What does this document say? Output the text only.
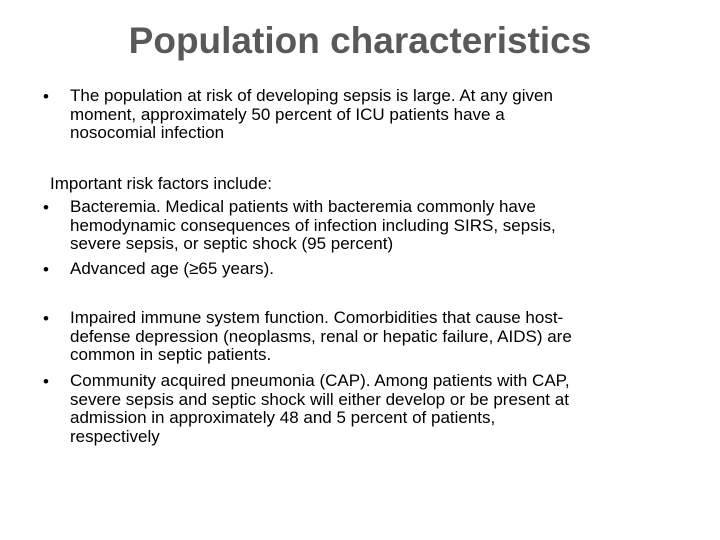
Population characteristics
• The population at risk of developing sepsis is large. At any given
moment, approximately 50 percent of ICU patients have a
nosocomial infection

Important risk factors include:
• Bacteremia. Medical patients with bacteremia commonly have
hemodynamic consequences of infection including SIRS, sepsis,
severe sepsis, or septic shock (95 percent)

• Advanced age (≥65 years).

• Impaired immune system function. Comorbidities that cause host-
defense depression (neoplasms, renal or hepatic failure, AIDS) are
common in septic patients.

• Community acquired pneumonia (CAP). Among patients with CAP,
severe sepsis and septic shock will either develop or be present at
admission in approximately 48 and 5 percent of patients,
respectively
